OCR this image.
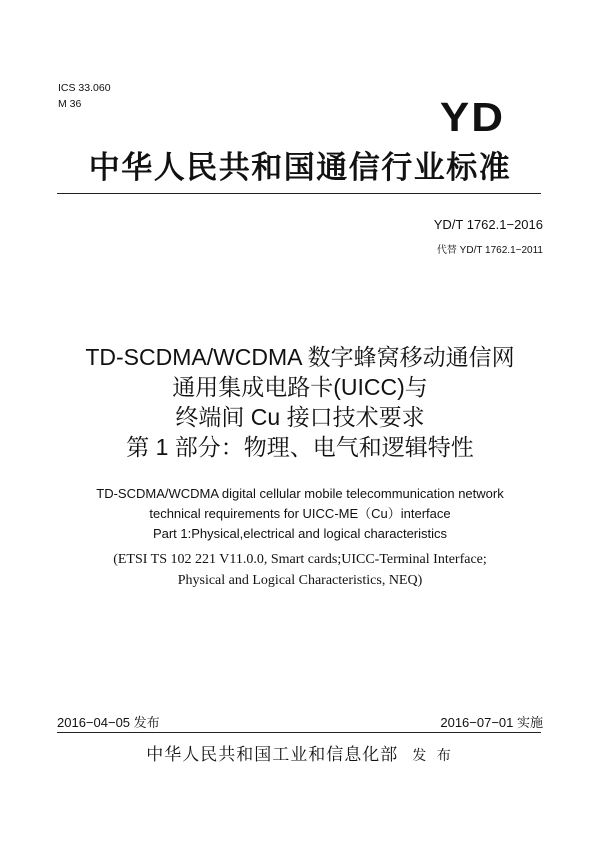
ICS 33.060
M 36	YD
中华人民共和国通信行业标准
YD/T 1762.1−2016
代替 YD/T 1762.1−2011
TD-SCDMA/WCDMA 数字蜂窝移动通信网
通用集成电路卡(UICC)与
终端间 Cu 接口技术要求
第 1 部分：物理、电气和逻辑特性
TD-SCDMA/WCDMA digital cellular mobile telecommunication network
technical requirements for UICC-ME（Cu）interface
Part 1:Physical,electrical and logical characteristics
(ETSI TS 102 221 V11.0.0, Smart cards;UICC-Terminal Interface;
Physical and Logical Characteristics, NEQ)
2016−04−05 发布	2016−07−01 实施
中华人民共和国工业和信息化部 发 布
